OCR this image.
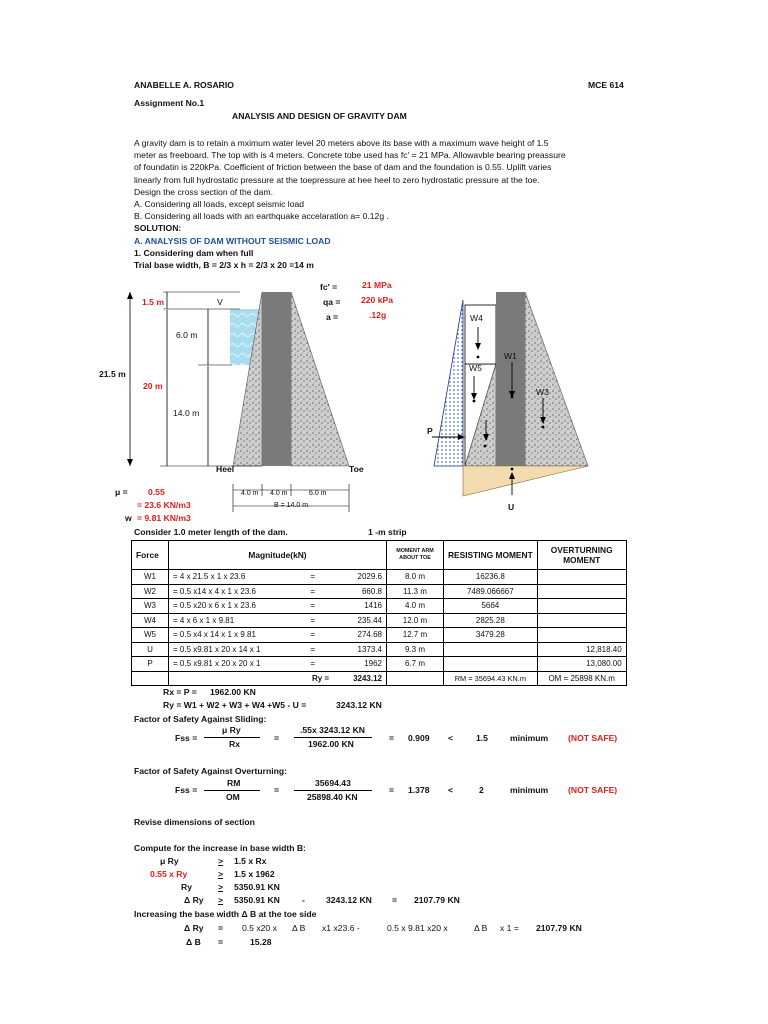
ANABELLE A. ROSARIO	MCE 614
Assignment No.1
ANALYSIS AND DESIGN OF GRAVITY DAM
A gravity dam is to retain a mximum water level 20 meters above its base with a maximum wave height of 1.5
meter as freeboard. The top with is 4 meters. Concrete tobe used has fc' = 21 MPa. Allowavble bearing preassure
of foundatin is 220kPa. Coefficient of friction between the base of dam and the foundation is 0.55. Uplift varies
linearly from full hydrostatic pressure at the toepressure at hee heel to zero hydrostatic pressure at the toe.
Design the cross section of the dam.
A. Considering all loads, except seismic load
B. Considering all loads with an earthquake accelaration a= 0.12g .
SOLUTION:
A. ANALYSIS OF DAM WITHOUT SEISMIC LOAD
1. Considering dam when full
Trial base width, B = 2/3 x h = 2/3 x 20 =14 m
fc' =	21 MPa
qa = 220 kPa
a =	.12g
1.5 m	V
6.0 m
21.5 m
20 m
14.0 m
Heel	Toe
4.0 m 4.0 m	6.0 m
B = 14.0 m
W4
W1
W5
W3
P
U
μ = 0.55
= 23.6 KN/m3
w = 9.81 KN/m3
Consider 1.0 meter length of the dam.	1 -m strip
Force	Magnitude(kN)			MOMENT ARM ABOUT TOE	RESISTING MOMENT	OVERTURNING MOMENT
W1	= 4 x 21.5 x 1 x 23.6	=	2029.6	8.0 m	16236.8	
W2	= 0.5 x14 x 4 x 1 x 23.6	=	660.8	11.3 m	7489.066667	
W3	= 0.5 x20 x 6 x 1 x 23.6	=	1416	4.0 m	5664	
W4	= 4 x 6 x 1 x 9.81	=	235.44	12.0 m	2825.28	
W5	= 0.5 x4 x 14 x 1 x 9.81	=	274.68	12.7 m	3479.28	
U	= 0.5 x9.81 x 20 x 14 x 1	=	1373.4	9.3 m		12,818.40
P	= 0.5 x9.81 x 20 x 20 x 1	=	1962	6.7 m		13,080.00
		Ry =	3243.12		RM = 35694.43 KN.m	OM = 25898 KN.m
Rx = P = 1962.00 KN
Ry = W1 + W2 + W3 + W4 +W5 - U =	3243.12 KN
Factor of Safety Against Sliding:
Fss =
μ Ry
Rx
=
.55x 3243.12 KN
1962.00 KN
= 0.909 <	1.5	minimum (NOT SAFE)
Factor of Safety Against Overturning:
Fss =
RM
OM
=
35694.43
25898.40 KN
= 1.378 <	2	minimum (NOT SAFE)
Revise dimensions of section
Compute for the increase in base width B:
μ Ry	> 1.5 x Rx
0.55 x Ry	> 1.5 x 1962
Ry	> 5350.91 KN
Δ Ry > 5350.91 KN	- 3243.12 KN = 2107.79 KN
Increasing the base width Δ B at the toe side
Δ Ry = 0.5 x20 x Δ B x1 x23.6 -	0.5 x 9.81 x20 x	Δ B x 1 = 2107.79 KN
Δ B =	15.28
